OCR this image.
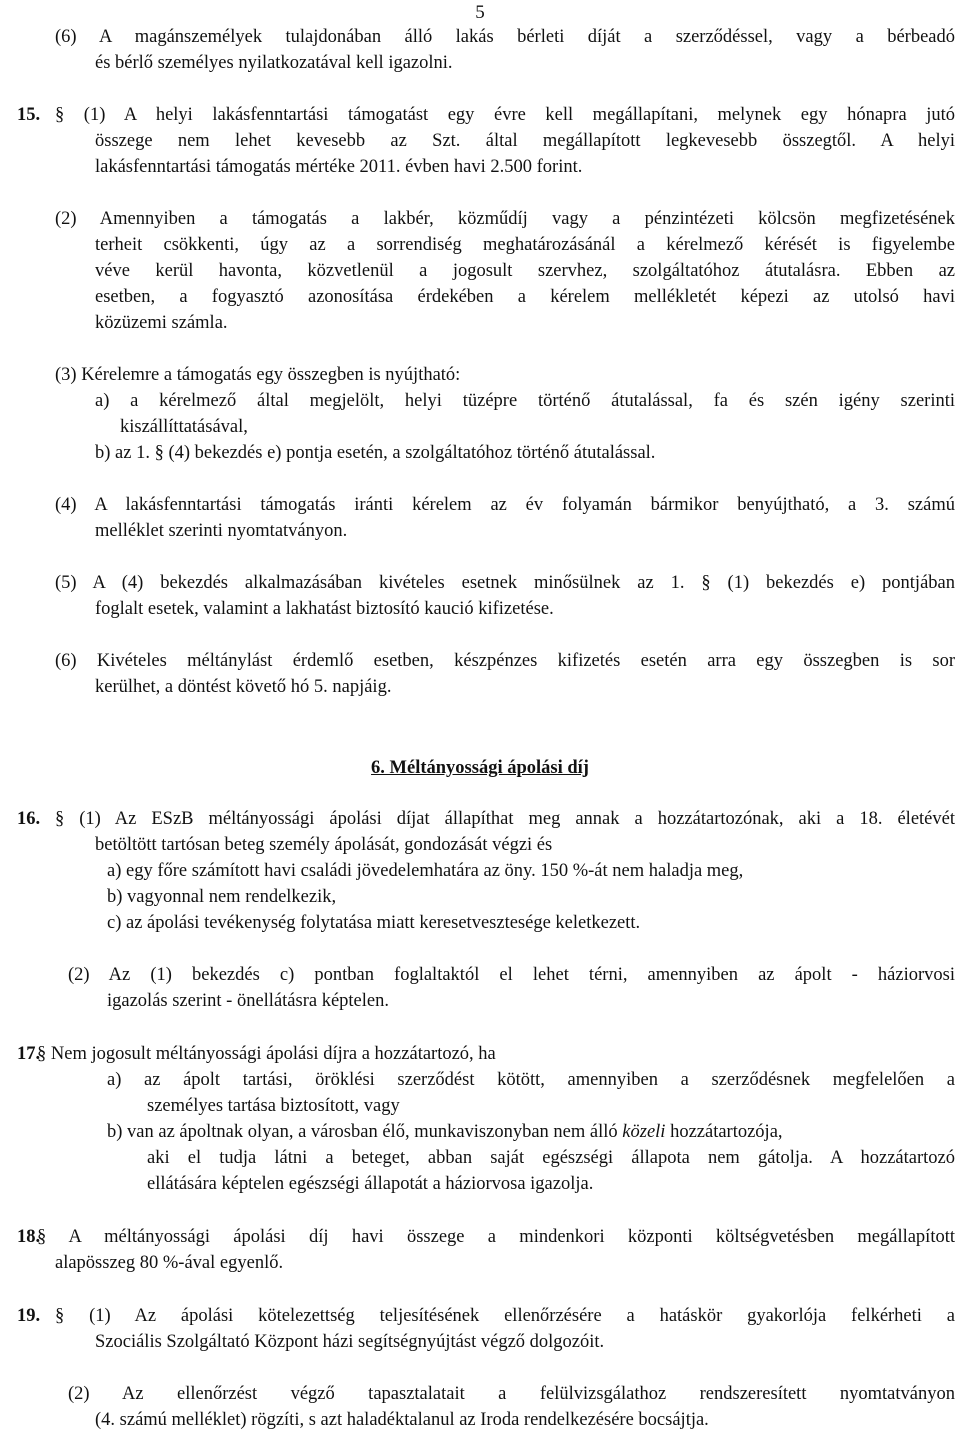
5
(6) A magánszemélyek tulajdonában álló lakás bérleti díját a szerződéssel, vagy a bérbeadó
és bérlő személyes nyilatkozatával kell igazolni.
15. § (1) A helyi lakásfenntartási támogatást egy évre kell megállapítani, melynek egy hónapra jutó
összege nem lehet kevesebb az Szt. által megállapított legkevesebb összegtől. A helyi
lakásfenntartási támogatás mértéke 2011. évben havi 2.500 forint.
(2) Amennyiben a támogatás a lakbér, közműdíj vagy a pénzintézeti kölcsön megfizetésének
terheit csökkenti, úgy az a sorrendiség meghatározásánál a kérelmező kérését is figyelembe
véve kerül havonta, közvetlenül a jogosult szervhez, szolgáltatóhoz átutalásra. Ebben az
esetben, a fogyasztó azonosítása érdekében a kérelem mellékletét képezi az utolsó havi
közüzemi számla.
(3) Kérelemre a támogatás egy összegben is nyújtható:
a) a kérelmező által megjelölt, helyi tüzépre történő átutalással, fa és szén igény szerinti
kiszállíttatásával,
b) az 1. § (4) bekezdés e) pontja esetén, a szolgáltatóhoz történő átutalással.
(4) A lakásfenntartási támogatás iránti kérelem az év folyamán bármikor benyújtható, a 3. számú
melléklet szerinti nyomtatványon.
(5) A (4) bekezdés alkalmazásában kivételes esetnek minősülnek az 1. § (1) bekezdés e) pontjában
foglalt esetek, valamint a lakhatást biztosító kaució kifizetése.
(6) Kivételes méltánylást érdemlő esetben, készpénzes kifizetés esetén arra egy összegben is sor
kerülhet, a döntést követő hó 5. napjáig.
6. Méltányossági ápolási díj
16. § (1) Az ESzB méltányossági ápolási díjat állapíthat meg annak a hozzátartozónak, aki a 18. életévét
betöltött tartósan beteg személy ápolását, gondozását végzi és
a) egy főre számított havi családi jövedelemhatára az öny. 150 %-át nem haladja meg,
b) vagyonnal nem rendelkezik,
c) az ápolási tevékenység folytatása miatt keresetveszteségе keletkezett.
(2) Az (1) bekezdés c) pontban foglaltaktól el lehet térni, amennyiben az ápolt - háziorvosi
igazolás szerint - önellátásra képtelen.
17.
§ Nem jogosult méltányossági ápolási díjra a hozzátartozó, ha
a) az ápolt tartási, öröklési szerződést kötött, amennyiben a szerződésnek megfelelően a
személyes tartása biztosított, vagy
b) van az ápoltnak olyan, a városban élő, munkaviszonyban nem álló közeli hozzátartozója,
aki el tudja látni a beteget, abban saját egészségi állapota nem gátolja. A hozzátartozó
ellátására képtelen egészségi állapotát a háziorvosa igazolja.
18.
§ A méltányossági ápolási díj havi összege a mindenkori központi költségvetésben megállapított
alapösszeg 80 %-ával egyenlő.
19. § (1) Az ápolási kötelezettség teljesítésének ellenőrzésére a hatáskör gyakorlója felkérheti a
Szociális Szolgáltató Központ házi segítségnyújtást végző dolgozóit.
(2) Az ellenőrzést végző tapasztalatait a felülvizsgálathoz rendszeresített nyomtatványon
(4. számú melléklet) rögzíti, s azt haladéktalanul az Iroda rendelkezésére bocsájtja.
